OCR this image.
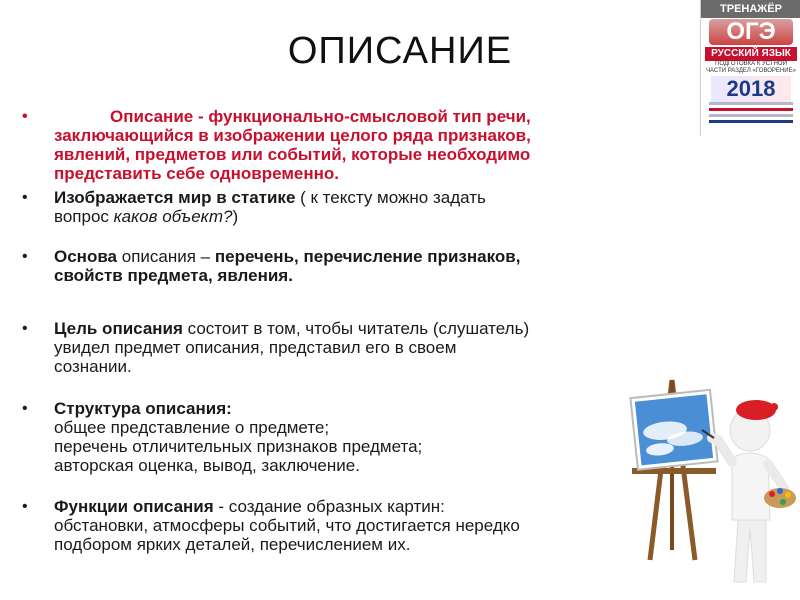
ОПИСАНИЕ
ТРЕНАЖЁР
ОГЭ
РУССКИЙ ЯЗЫК
ПОДГОТОВКА К УСТНОЙ ЧАСТИ РАЗДЕЛ «ГОВОРЕНИЕ»
2018
•	Описание - функционально-смысловой тип речи,
заключающийся в изображении целого ряда признаков,
явлений, предметов или событий, которые необходимо
представить себе одновременно.
• Изображается мир в статике ( к тексту можно задать
вопрос каков объект?)
• Основа описания – перечень, перечисление признаков,
свойств предмета, явления.
• Цель описания состоит в том, чтобы читатель (слушатель)
увидел предмет описания, представил его в своем
сознании.
• Структура описания:
общее представление о предмете;
перечень отличительных признаков предмета;
авторская оценка, вывод, заключение.
• Функции описания - создание образных картин:
обстановки, атмосферы событий, что достигается нередко
подбором ярких деталей, перечислением их.
